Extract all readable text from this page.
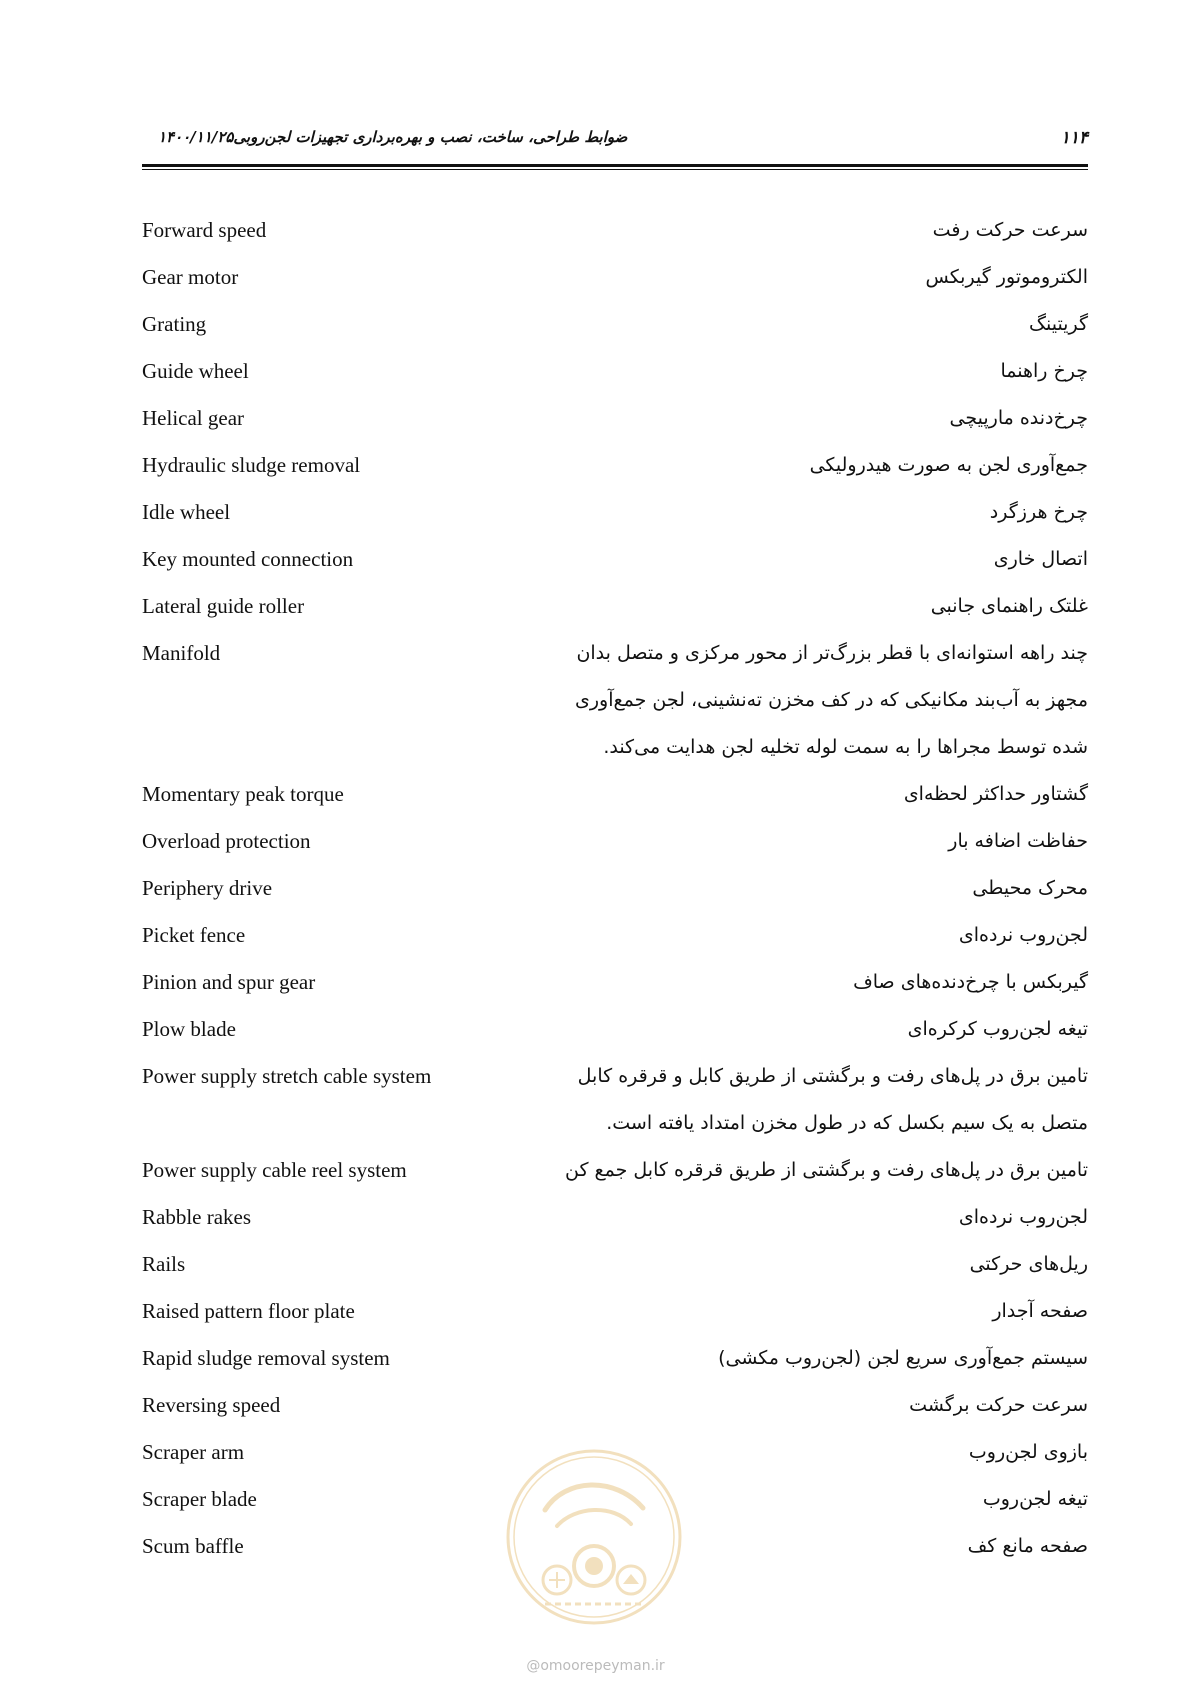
۱۱۴
ضوابط طراحی، ساخت، نصب و بهره‌برداری تجهیزات لجن‌روبی۱۴۰۰/۱۱/۲۵
Forward speed	سرعت حرکت رفت
Gear motor	الکتروموتور گیربکس
Grating	گریتینگ
Guide wheel	چرخ راهنما
Helical gear	چرخ‌دنده مارپیچی
Hydraulic sludge removal	جمع‌آوری لجن به صورت هیدرولیکی
Idle wheel	چرخ هرزگرد
Key mounted connection	اتصال خاری
Lateral guide roller	غلتک راهنمای جانبی
Manifold	چند راهه استوانه‌ای با قطر بزرگ‌تر از محور مرکزی و متصل بدان
مجهز به آب‌بند مکانیکی که در کف مخزن ته‌نشینی، لجن جمع‌آوری
شده توسط مجراها را به سمت لوله تخلیه لجن هدایت می‌کند.
Momentary peak torque	گشتاور حداکثر لحظه‌ای
Overload protection	حفاظت اضافه بار
Periphery drive	محرک محیطی
Picket fence	لجن‌روب نرده‌ای
Pinion and spur gear	گیربکس با چرخ‌دنده‌های صاف
Plow blade	تیغه لجن‌روب کرکره‌ای
Power supply stretch cable system	تامین برق در پل‌های رفت و برگشتی از طریق کابل و قرقره کابل
متصل به یک سیم بکسل که در طول مخزن امتداد یافته است.
Power supply cable reel system	تامین برق در پل‌های رفت و برگشتی از طریق قرقره کابل جمع کن
Rabble rakes	لجن‌روب نرده‌ای
Rails	ریل‌های حرکتی
Raised pattern floor plate	صفحه آجدار
Rapid sludge removal system	سیستم جمع‌آوری سریع لجن (لجن‌روب مکشی)
Reversing speed	سرعت حرکت برگشت
Scraper arm	بازوی لجن‌روب
Scraper blade	تیغه لجن‌روب
Scum baffle	صفحه مانع کف
@omoorepeyman.ir
